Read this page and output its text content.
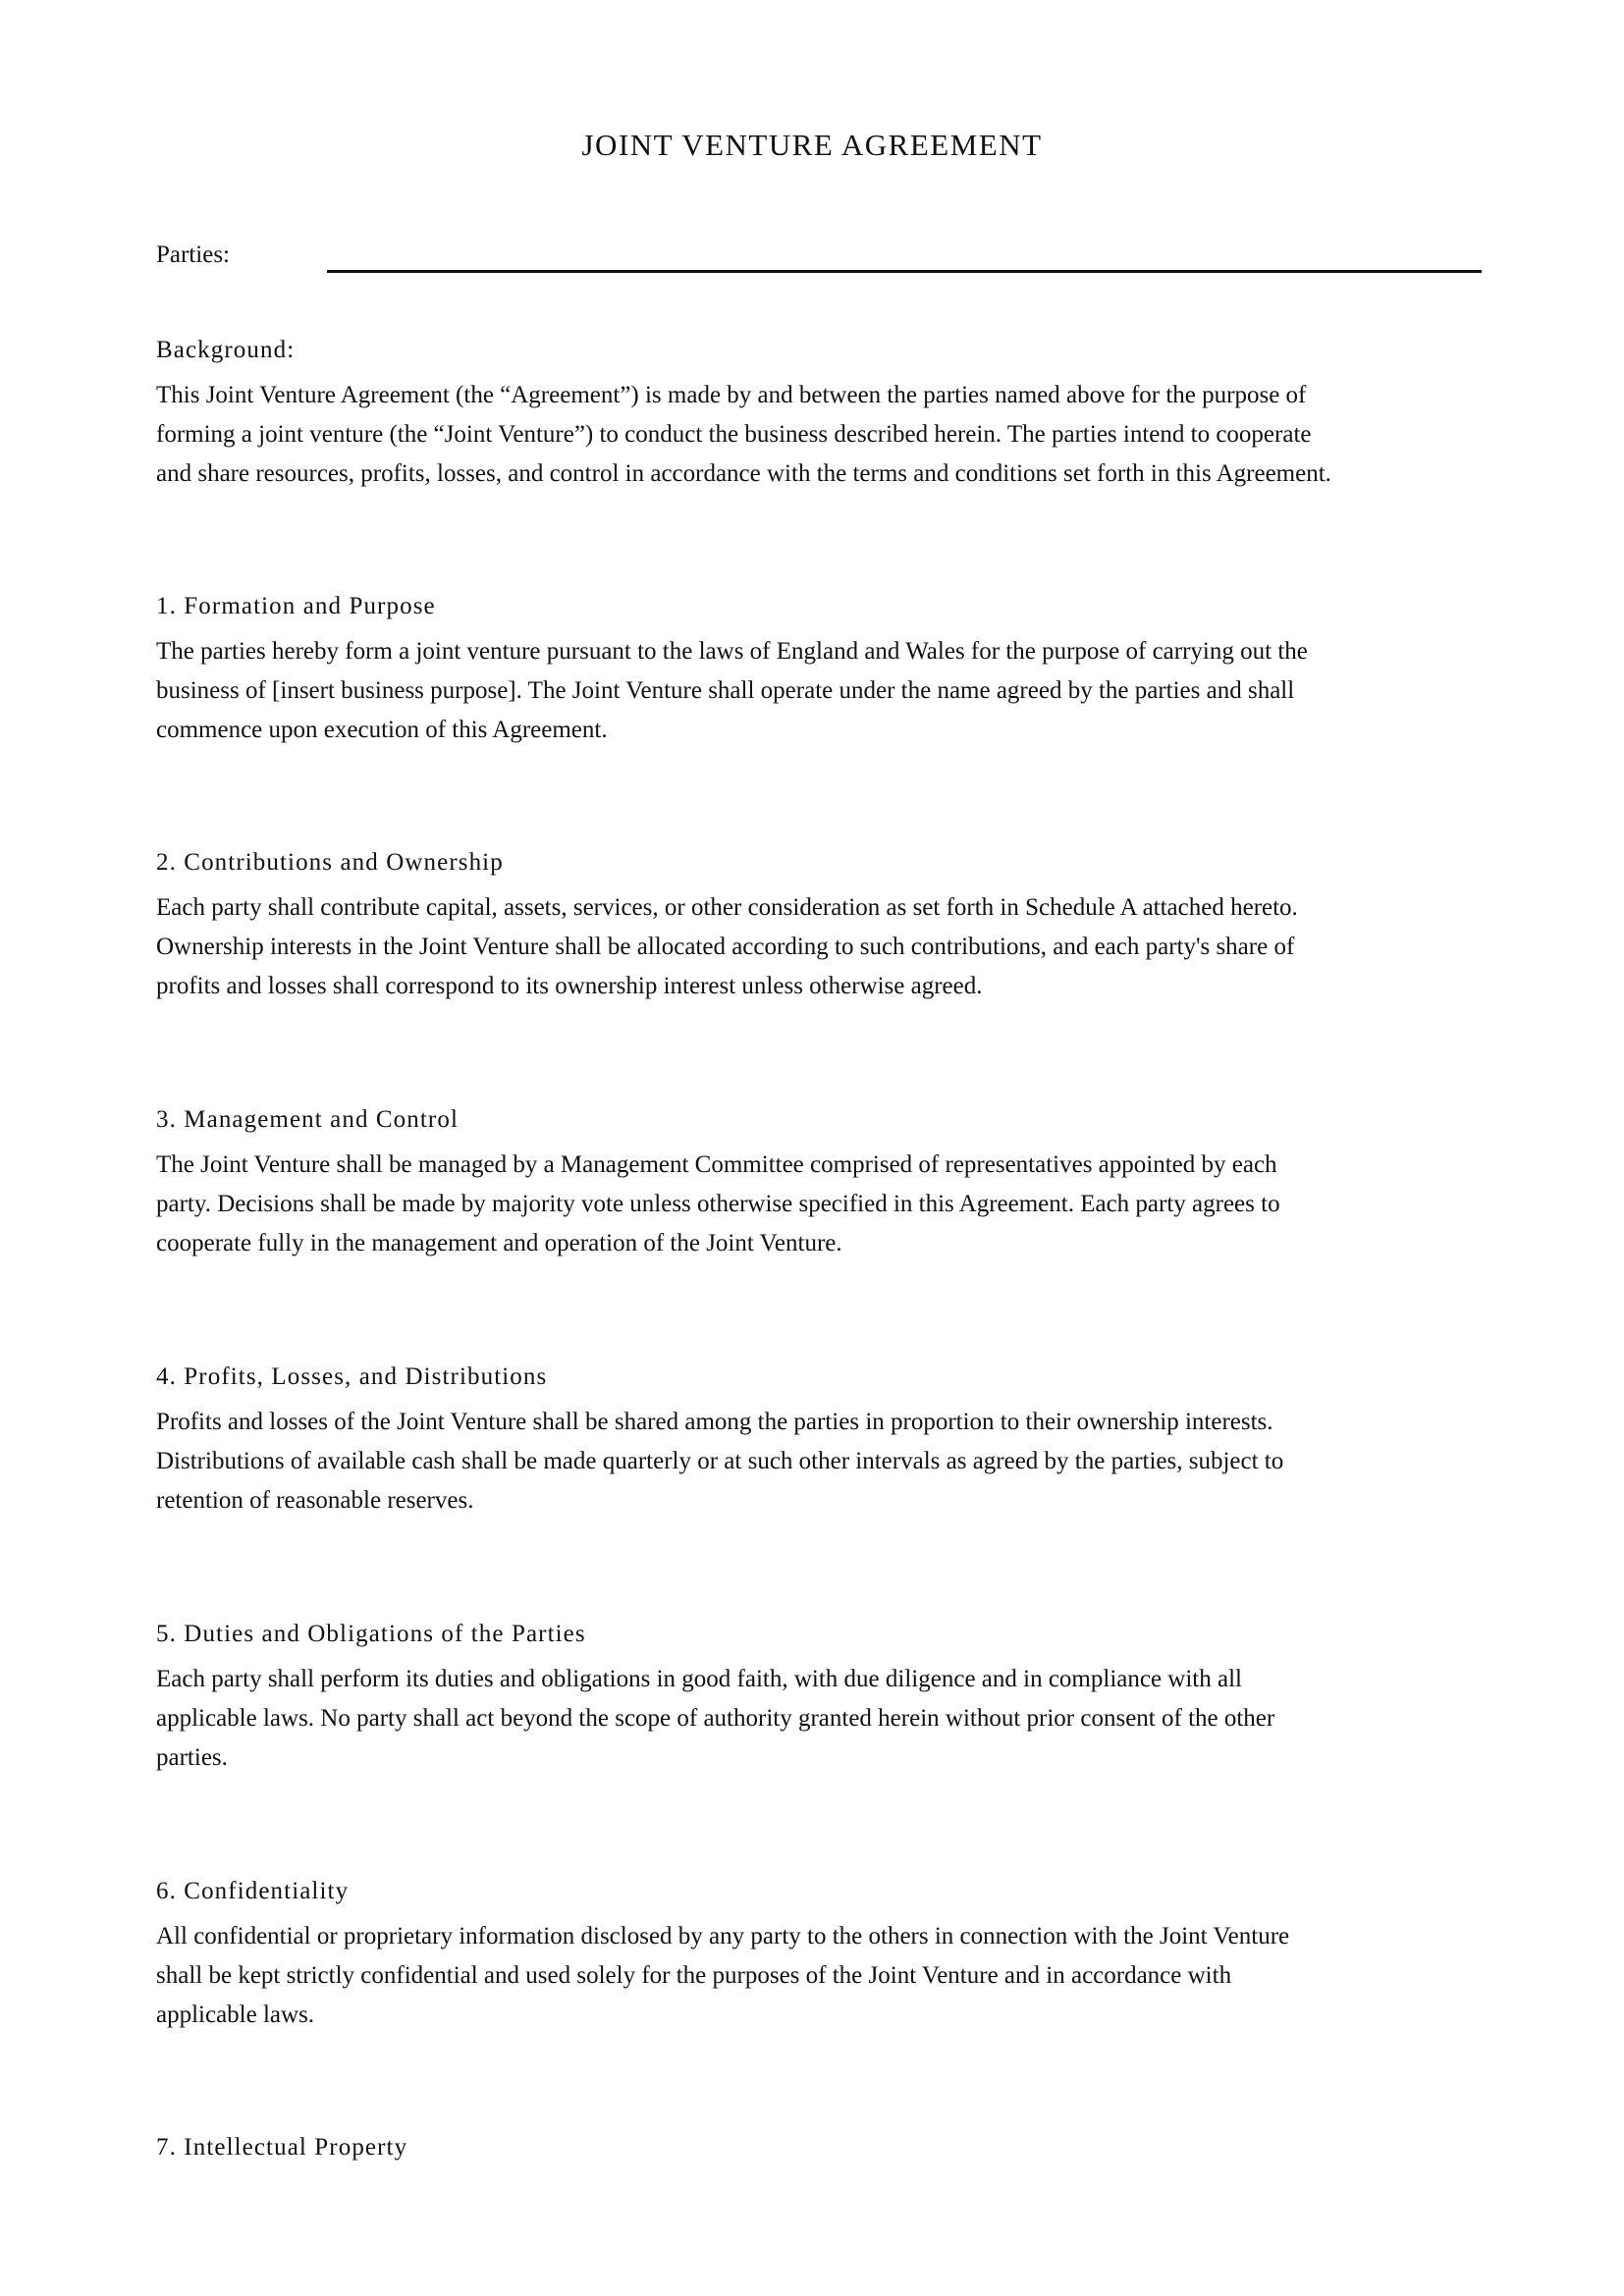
JOINT VENTURE AGREEMENT
Parties:
Background:

This Joint Venture Agreement (the “Agreement”) is made by and between the parties named above for the purpose of
forming a joint venture (the “Joint Venture”) to conduct the business described herein. The parties intend to cooperate
and share resources, profits, losses, and control in accordance with the terms and conditions set forth in this Agreement.

1. Formation and Purpose

The parties hereby form a joint venture pursuant to the laws of England and Wales for the purpose of carrying out the
business of [insert business purpose]. The Joint Venture shall operate under the name agreed by the parties and shall
commence upon execution of this Agreement.

2. Contributions and Ownership

Each party shall contribute capital, assets, services, or other consideration as set forth in Schedule A attached hereto.
Ownership interests in the Joint Venture shall be allocated according to such contributions, and each party's share of
profits and losses shall correspond to its ownership interest unless otherwise agreed.

3. Management and Control

The Joint Venture shall be managed by a Management Committee comprised of representatives appointed by each
party. Decisions shall be made by majority vote unless otherwise specified in this Agreement. Each party agrees to
cooperate fully in the management and operation of the Joint Venture.

4. Profits, Losses, and Distributions

Profits and losses of the Joint Venture shall be shared among the parties in proportion to their ownership interests.
Distributions of available cash shall be made quarterly or at such other intervals as agreed by the parties, subject to
retention of reasonable reserves.

5. Duties and Obligations of the Parties

Each party shall perform its duties and obligations in good faith, with due diligence and in compliance with all
applicable laws. No party shall act beyond the scope of authority granted herein without prior consent of the other
parties.

6. Confidentiality

All confidential or proprietary information disclosed by any party to the others in connection with the Joint Venture
shall be kept strictly confidential and used solely for the purposes of the Joint Venture and in accordance with
applicable laws.

7. Intellectual Property
